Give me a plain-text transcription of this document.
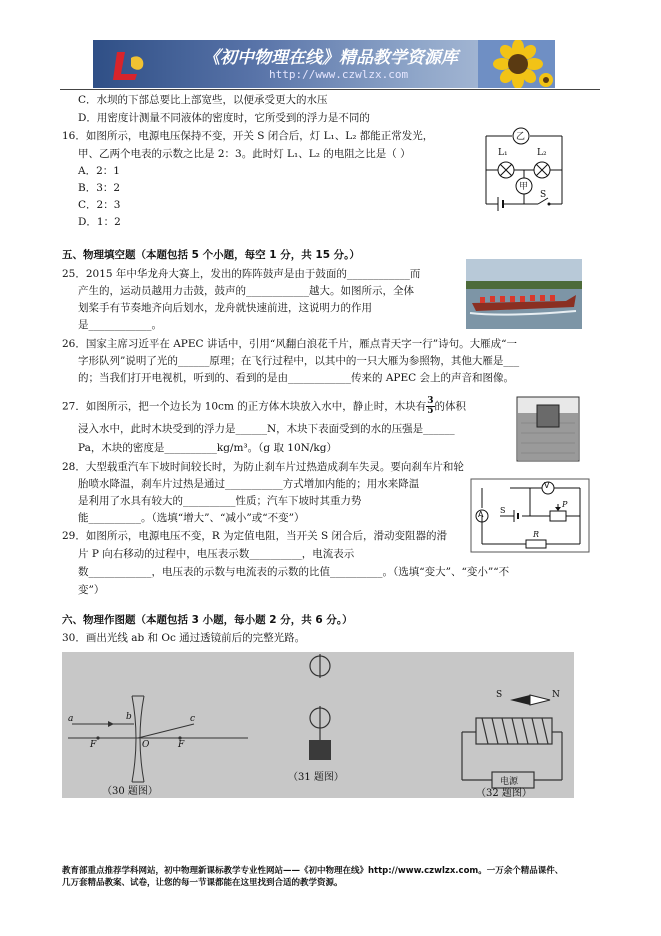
《初中物理在线》精品教学资源库
http://www.czwlzx.com
C．水坝的下部总要比上部宽些，以便承受更大的水压
D．用密度计测量不同液体的密度时，它所受到的浮力是不同的
16．如图所示，电源电压保持不变，开关 S 闭合后，灯 L₁、L₂ 都能正常发光，
甲、乙两个电表的示数之比是 2：3。此时灯 L₁、L₂ 的电阻之比是（ ）
A．2：1
B．3：2
C．2：3
D．1：2
乙
甲
L₁	L₂
S
五、物理填空题（本题包括 5 个小题，每空 1 分，共 15 分。）
25．2015 年中华龙舟大赛上，发出的阵阵鼓声是由于鼓面的____________而
产生的，运动员越用力击鼓，鼓声的____________越大。如图所示，全体
划桨手有节奏地齐向后划水，龙舟就快速前进，这说明力的作用
是____________。
26．国家主席习近平在 APEC 讲话中，引用“风翻白浪花千片，雁点青天字一行”诗句。大雁成“一
字形队列”说明了光的______原理；在飞行过程中，以其中的一只大雁为参照物，其他大雁是___
的；当我们打开电视机，听到的、看到的是由____________传来的 APEC 会上的声音和图像。
27．如图所示，把一个边长为 10cm 的正方体木块放入水中，静止时，木块有 $\frac{3}{5}$ 的体积
浸入水中，此时木块受到的浮力是______N，木块下表面受到的水的压强是______
Pa，木块的密度是__________kg/m³。（g 取 10N/kg）
28．大型载重汽车下坡时间较长时，为防止刹车片过热造成刹车失灵。要向刹车片和轮
胎喷水降温，刹车片过热是通过___________方式增加内能的；用水来降温
是利用了水具有较大的__________性质；汽车下坡时其重力势
能__________。（选填“增大”、“减小”或“不变”）
V
A S
P
R
29．如图所示，电源电压不变，R 为定值电阻，当开关 S 闭合后，滑动变阻器的滑
片 P 向右移动的过程中，电压表示数__________，电流表示
数____________，电压表的示数与电流表的示数的比值__________。（选填“变大”、“变小”“不
变”）
六、物理作图题（本题包括 3 小题，每小题 2 分，共 6 分。）
30．画出光线 ab 和 Oc 通过透镜前后的完整光路。
a	b	c
O
F	F
S	N
电源
（30 题图）
（31 题图）
（32 题图）
教育部重点推荐学科网站，初中物理新课标教学专业性网站——《初中物理在线》http://www.czwlzx.com。一万余个精品课件、
几万套精品教案、试卷，让您的每一节课都能在这里找到合适的教学资源。
